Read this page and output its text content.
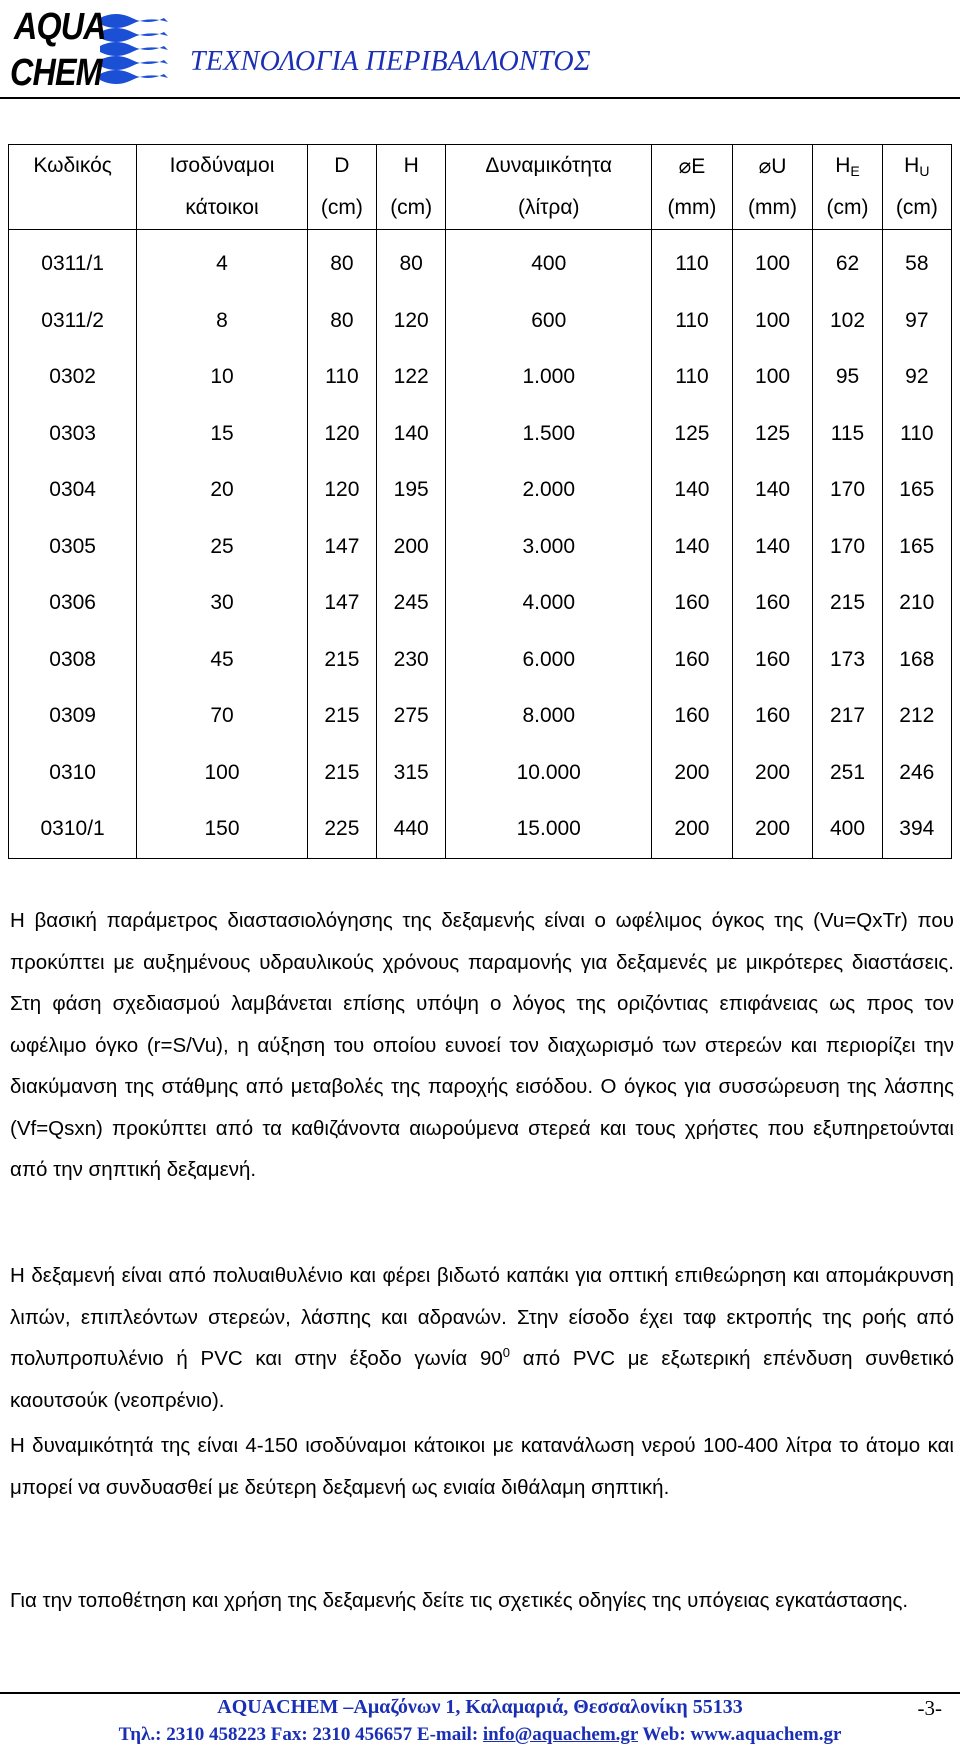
AQUA
CHEM	ΤΕΧΝΟΛΟΓΙΑ ΠΕΡΙΒΑΛΛΟΝΤΟΣ
Κωδικός	Ισοδύναμοι	D	H	Δυναμικότητα	⌀E	⌀U	$H_E$	$H_U$
	κάτοικοι	(cm)	(cm)	(λίτρα)	(mm)	(mm)	(cm)	(cm)
0311/1	4	80	80	400	110	100	62	58
0311/2	8	80	120	600	110	100	102	97
0302	10	110	122	1.000	110	100	95	92
0303	15	120	140	1.500	125	125	115	110
0304	20	120	195	2.000	140	140	170	165
0305	25	147	200	3.000	140	140	170	165
0306	30	147	245	4.000	160	160	215	210
0308	45	215	230	6.000	160	160	173	168
0309	70	215	275	8.000	160	160	217	212
0310	100	215	315	10.000	200	200	251	246
0310/1	150	225	440	15.000	200	200	400	394
Η βασική παράμετρος διαστασιολόγησης της δεξαμενής είναι ο ωφέλιμος όγκος της (Vu=QxTr) που προκύπτει με αυξημένους υδραυλικούς χρόνους παραμονής για δεξαμενές με μικρότερες διαστάσεις. Στη φάση σχεδιασμού λαμβάνεται επίσης υπόψη ο λόγος της οριζόντιας επιφάνειας ως προς τον ωφέλιμο όγκο (r=S/Vu), η αύξηση του οποίου ευνοεί τον διαχωρισμό των στερεών και περιορίζει την διακύμανση της στάθμης από μεταβολές της παροχής εισόδου. Ο όγκος για συσσώρευση της λάσπης (Vf=Qsxn) προκύπτει από τα καθιζάνοντα αιωρούμενα στερεά και τους χρήστες που εξυπηρετούνται από την σηπτική δεξαμενή.
Η δεξαμενή είναι από πολυαιθυλένιο και φέρει βιδωτό καπάκι για οπτική επιθεώρηση και απομάκρυνση λιπών, επιπλεόντων στερεών, λάσπης και αδρανών. Στην είσοδο έχει ταφ εκτροπής της ροής από πολυπροπυλένιο ή PVC και στην έξοδο γωνία $90^0$ από PVC με εξωτερική επένδυση συνθετικό καουτσούκ (νεοπρένιο).
Η δυναμικότητά της είναι 4-150 ισοδύναμοι κάτοικοι με κατανάλωση νερού 100-400 λίτρα το άτομο και μπορεί να συνδυασθεί με δεύτερη δεξαμενή ως ενιαία διθάλαμη σηπτική.
Για την τοποθέτηση και χρήση της δεξαμενής δείτε τις σχετικές οδηγίες της υπόγειας εγκατάστασης.
AQUACHEM –Αμαζόνων 1, Καλαμαριά, Θεσσαλονίκη 55133	-3-
Τηλ.: 2310 458223 Fax: 2310 456657 E-mail: info@aquachem.gr Web: www.aquachem.gr
